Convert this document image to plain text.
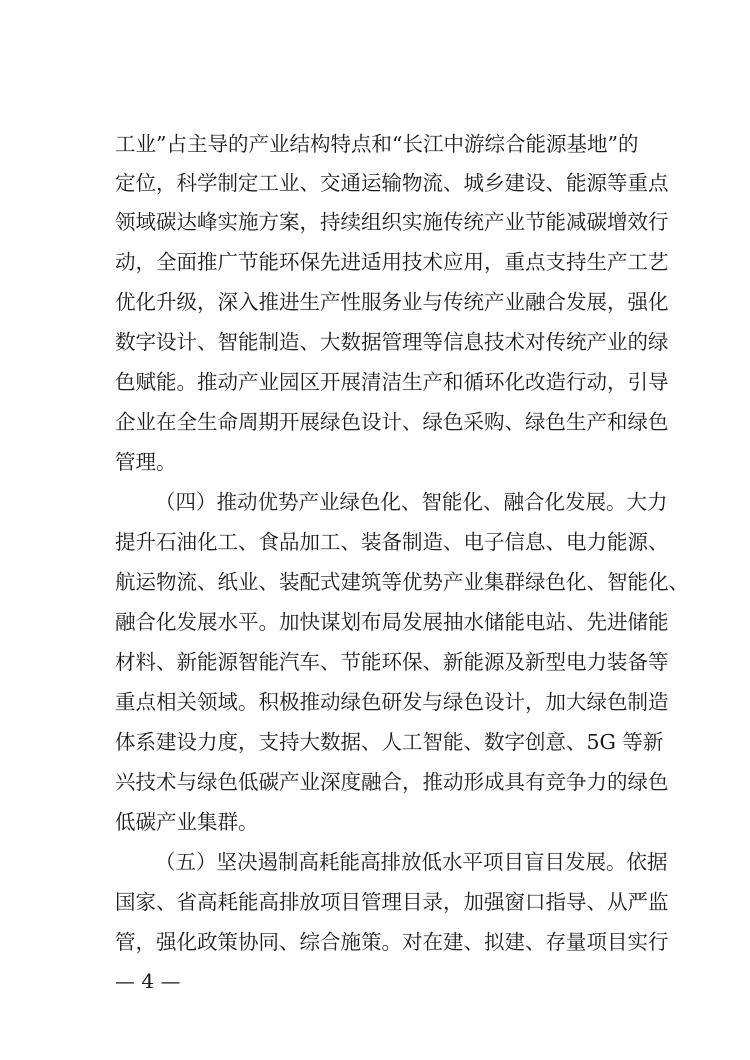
工业”占主导的产业结构特点和“长江中游综合能源基地”的
定位，科学制定工业、交通运输物流、城乡建设、能源等重点
领域碳达峰实施方案，持续组织实施传统产业节能减碳增效行
动，全面推广节能环保先进适用技术应用，重点支持生产工艺
优化升级，深入推进生产性服务业与传统产业融合发展，强化
数字设计、智能制造、大数据管理等信息技术对传统产业的绿
色赋能。推动产业园区开展清洁生产和循环化改造行动，引导
企业在全生命周期开展绿色设计、绿色采购、绿色生产和绿色
管理。
（四）推动优势产业绿色化、智能化、融合化发展。大力
提升石油化工、食品加工、装备制造、电子信息、电力能源、
航运物流、纸业、装配式建筑等优势产业集群绿色化、智能化、
融合化发展水平。加快谋划布局发展抽水储能电站、先进储能
材料、新能源智能汽车、节能环保、新能源及新型电力装备等
重点相关领域。积极推动绿色研发与绿色设计，加大绿色制造
体系建设力度，支持大数据、人工智能、数字创意、5G 等新
兴技术与绿色低碳产业深度融合，推动形成具有竞争力的绿色
低碳产业集群。
（五）坚决遏制高耗能高排放低水平项目盲目发展。依据
国家、省高耗能高排放项目管理目录，加强窗口指导、从严监
管，强化政策协同、综合施策。对在建、拟建、存量项目实行
— 4 —
